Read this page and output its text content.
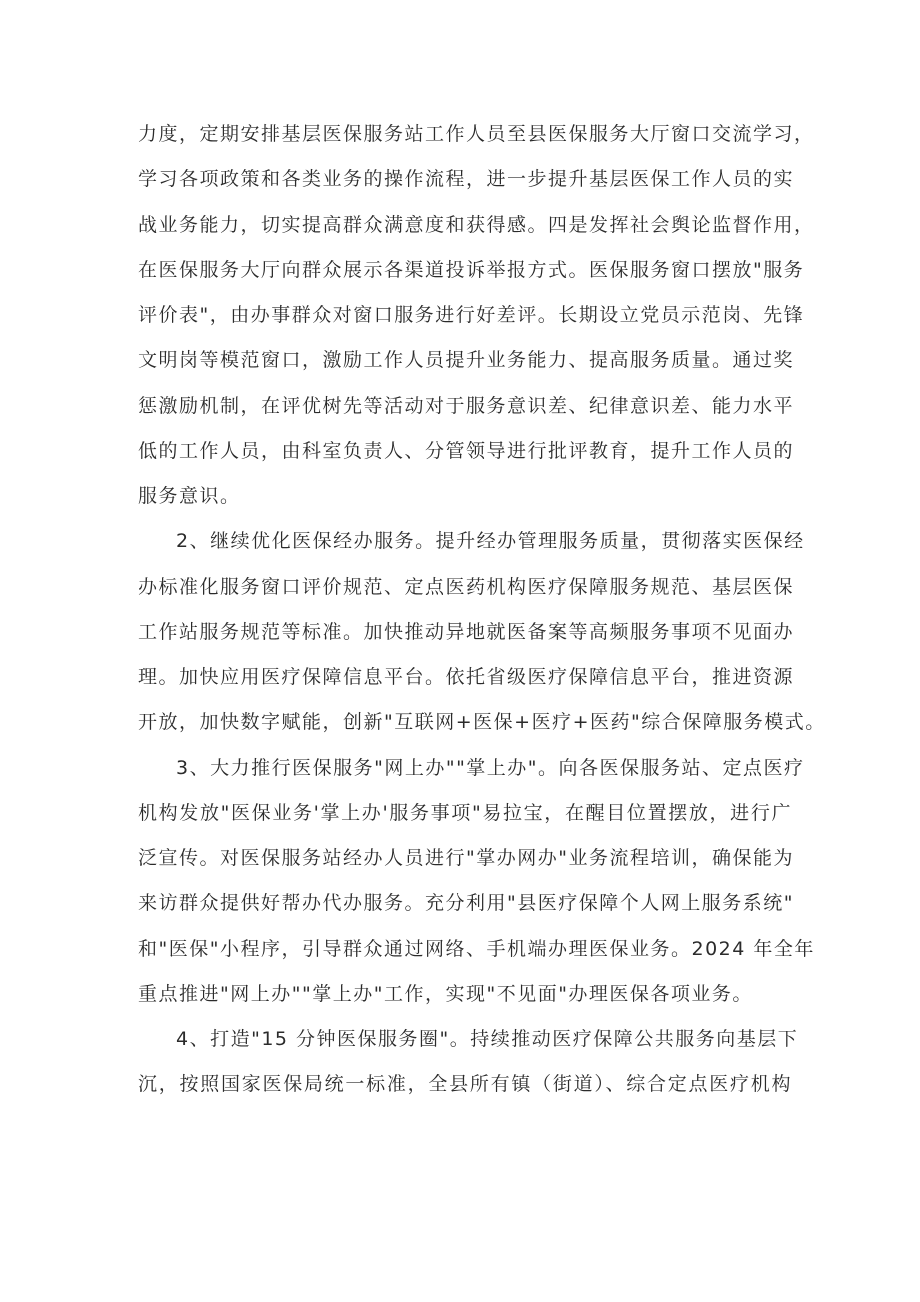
力度，定期安排基层医保服务站工作人员至县医保服务大厅窗口交流学习，
学习各项政策和各类业务的操作流程，进一步提升基层医保工作人员的实
战业务能力，切实提高群众满意度和获得感。四是发挥社会舆论监督作用，
在医保服务大厅向群众展示各渠道投诉举报方式。医保服务窗口摆放"服务
评价表"，由办事群众对窗口服务进行好差评。长期设立党员示范岗、先锋
文明岗等模范窗口，激励工作人员提升业务能力、提高服务质量。通过奖
惩激励机制，在评优树先等活动对于服务意识差、纪律意识差、能力水平
低的工作人员，由科室负责人、分管领导进行批评教育，提升工作人员的
服务意识。
2、继续优化医保经办服务。提升经办管理服务质量，贯彻落实医保经
办标准化服务窗口评价规范、定点医药机构医疗保障服务规范、基层医保
工作站服务规范等标准。加快推动异地就医备案等高频服务事项不见面办
理。加快应用医疗保障信息平台。依托省级医疗保障信息平台，推进资源
开放，加快数字赋能，创新"互联网+医保+医疗+医药"综合保障服务模式。
3、大力推行医保服务"网上办""掌上办"。向各医保服务站、定点医疗
机构发放"医保业务'掌上办'服务事项"易拉宝，在醒目位置摆放，进行广
泛宣传。对医保服务站经办人员进行"掌办网办"业务流程培训，确保能为
来访群众提供好帮办代办服务。充分利用"县医疗保障个人网上服务系统"
和"医保"小程序，引导群众通过网络、手机端办理医保业务。2024 年全年
重点推进"网上办""掌上办"工作，实现"不见面"办理医保各项业务。
4、打造"15 分钟医保服务圈"。持续推动医疗保障公共服务向基层下
沉，按照国家医保局统一标准，全县所有镇（街道）、综合定点医疗机构
